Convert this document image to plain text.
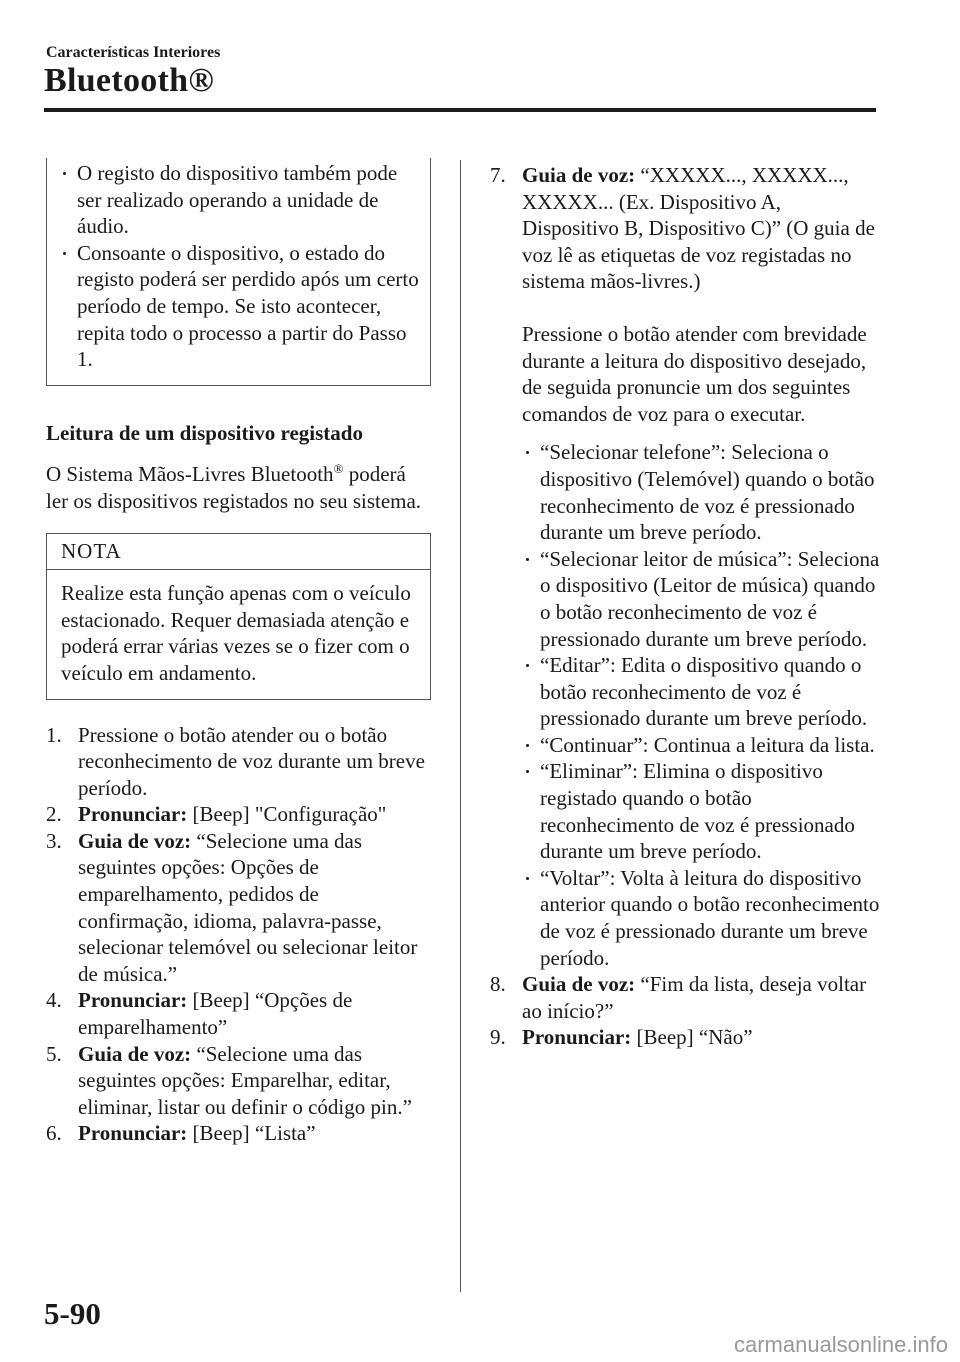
Características Interiores
Bluetooth®
O registo do dispositivo também pode ser realizado operando a unidade de áudio.
Consoante o dispositivo, o estado do registo poderá ser perdido após um certo período de tempo. Se isto acontecer, repita todo o processo a partir do Passo 1.
Leitura de um dispositivo registado
O Sistema Mãos-Livres Bluetooth® poderá ler os dispositivos registados no seu sistema.
NOTA
Realize esta função apenas com o veículo estacionado. Requer demasiada atenção e poderá errar várias vezes se o fizer com o veículo em andamento.
1. Pressione o botão atender ou o botão reconhecimento de voz durante um breve período.
2. Pronunciar: [Beep] "Configuração"
3. Guia de voz: “Selecione uma das seguintes opções: Opções de emparelhamento, pedidos de confirmação, idioma, palavra-passe, selecionar telemóvel ou selecionar leitor de música.”
4. Pronunciar: [Beep] “Opções de emparelhamento”
5. Guia de voz: “Selecione uma das seguintes opções: Emparelhar, editar, eliminar, listar ou definir o código pin.”
6. Pronunciar: [Beep] “Lista”
7. Guia de voz: “XXXXX..., XXXXX..., XXXXX... (Ex. Dispositivo A, Dispositivo B, Dispositivo C)” (O guia de voz lê as etiquetas de voz registadas no sistema mãos-livres.)
Pressione o botão atender com brevidade durante a leitura do dispositivo desejado, de seguida pronuncie um dos seguintes comandos de voz para o executar.
“Selecionar telefone”: Seleciona o dispositivo (Telemóvel) quando o botão reconhecimento de voz é pressionado durante um breve período.
“Selecionar leitor de música”: Seleciona o dispositivo (Leitor de música) quando o botão reconhecimento de voz é pressionado durante um breve período.
“Editar”: Edita o dispositivo quando o botão reconhecimento de voz é pressionado durante um breve período.
“Continuar”: Continua a leitura da lista.
“Eliminar”: Elimina o dispositivo registado quando o botão reconhecimento de voz é pressionado durante um breve período.
“Voltar”: Volta à leitura do dispositivo anterior quando o botão reconhecimento de voz é pressionado durante um breve período.
8. Guia de voz: “Fim da lista, deseja voltar ao início?”
9. Pronunciar: [Beep] “Não”
5-90
carmanualsonline.info
